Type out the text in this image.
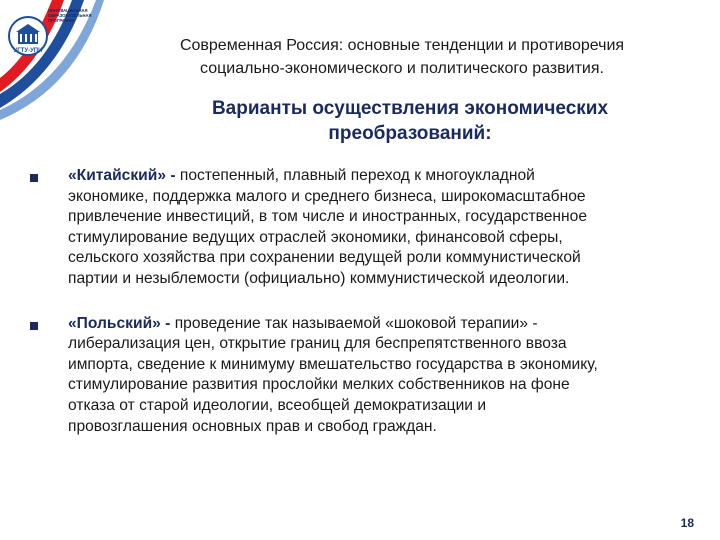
УГТУ-УПИ
ИННОВАЦИОННАЯ
ОБРАЗОВАТЕЛЬНАЯ
ПРОГРАММА
Современная Россия: основные тенденции и противоречия
социально-экономического и политического развития.
Варианты осуществления экономических
преобразований:
«Китайский» - постепенный, плавный переход к многоукладной
экономике, поддержка малого и среднего бизнеса, широкомасштабное
привлечение инвестиций, в том числе и иностранных, государственное
стимулирование ведущих отраслей экономики, финансовой сферы,
сельского хозяйства при сохранении ведущей роли коммунистической
партии и незыблемости (официально) коммунистической идеологии.
«Польский» - проведение так называемой «шоковой терапии» -
либерализация цен, открытие границ для беспрепятственного ввоза
импорта, сведение к минимуму вмешательство государства в экономику,
стимулирование развития прослойки мелких собственников на фоне
отказа от старой идеологии, всеобщей демократизации и
провозглашения основных прав и свобод граждан.
18
